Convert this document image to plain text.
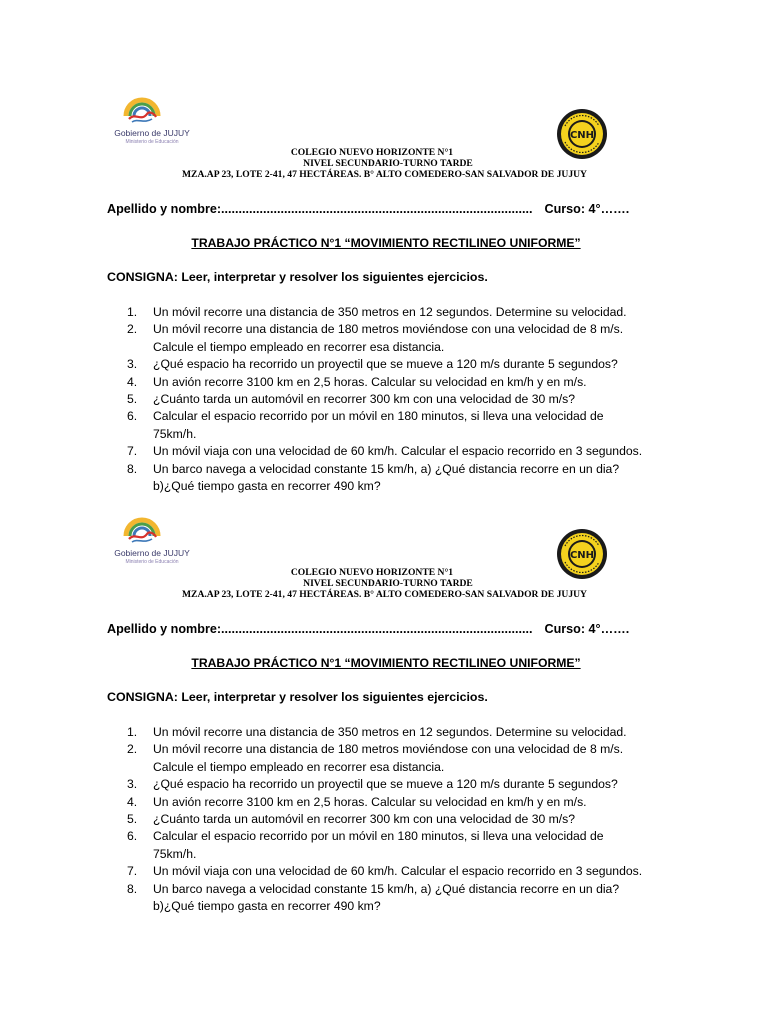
Gobierno de JUJUY
Ministerio de Educación
CNH
COLEGIO NUEVO HORIZONTE N°1
NIVEL SECUNDARIO-TURNO TARDE
MZA.AP 23, LOTE 2-41, 47 HECTÁREAS. B° ALTO COMEDERO-SAN SALVADOR DE JUJUY
Apellido y nombre:......................................................................................... Curso: 4°…….
TRABAJO PRÁCTICO N°1 “MOVIMIENTO RECTILINEO UNIFORME”
CONSIGNA: Leer, interpretar y resolver los siguientes ejercicios.
1. Un móvil recorre una distancia de 350 metros en 12 segundos. Determine su velocidad.
2. Un móvil recorre una distancia de 180 metros moviéndose con una velocidad de 8 m/s.
Calcule el tiempo empleado en recorrer esa distancia.
3. ¿Qué espacio ha recorrido un proyectil que se mueve a 120 m/s durante 5 segundos?
4. Un avión recorre 3100 km en 2,5 horas. Calcular su velocidad en km/h y en m/s.
5. ¿Cuánto tarda un automóvil en recorrer 300 km con una velocidad de 30 m/s?
6. Calcular el espacio recorrido por un móvil en 180 minutos, si lleva una velocidad de
75km/h.
7. Un móvil viaja con una velocidad de 60 km/h. Calcular el espacio recorrido en 3 segundos.
8. Un barco navega a velocidad constante 15 km/h, a) ¿Qué distancia recorre en un dia?
b)¿Qué tiempo gasta en recorrer 490 km?
Gobierno de JUJUY
Ministerio de Educación
CNH
COLEGIO NUEVO HORIZONTE N°1
NIVEL SECUNDARIO-TURNO TARDE
MZA.AP 23, LOTE 2-41, 47 HECTÁREAS. B° ALTO COMEDERO-SAN SALVADOR DE JUJUY
Apellido y nombre:......................................................................................... Curso: 4°…….
TRABAJO PRÁCTICO N°1 “MOVIMIENTO RECTILINEO UNIFORME”
CONSIGNA: Leer, interpretar y resolver los siguientes ejercicios.
1. Un móvil recorre una distancia de 350 metros en 12 segundos. Determine su velocidad.
2. Un móvil recorre una distancia de 180 metros moviéndose con una velocidad de 8 m/s.
Calcule el tiempo empleado en recorrer esa distancia.
3. ¿Qué espacio ha recorrido un proyectil que se mueve a 120 m/s durante 5 segundos?
4. Un avión recorre 3100 km en 2,5 horas. Calcular su velocidad en km/h y en m/s.
5. ¿Cuánto tarda un automóvil en recorrer 300 km con una velocidad de 30 m/s?
6. Calcular el espacio recorrido por un móvil en 180 minutos, si lleva una velocidad de
75km/h.
7. Un móvil viaja con una velocidad de 60 km/h. Calcular el espacio recorrido en 3 segundos.
8. Un barco navega a velocidad constante 15 km/h, a) ¿Qué distancia recorre en un dia?
b)¿Qué tiempo gasta en recorrer 490 km?
